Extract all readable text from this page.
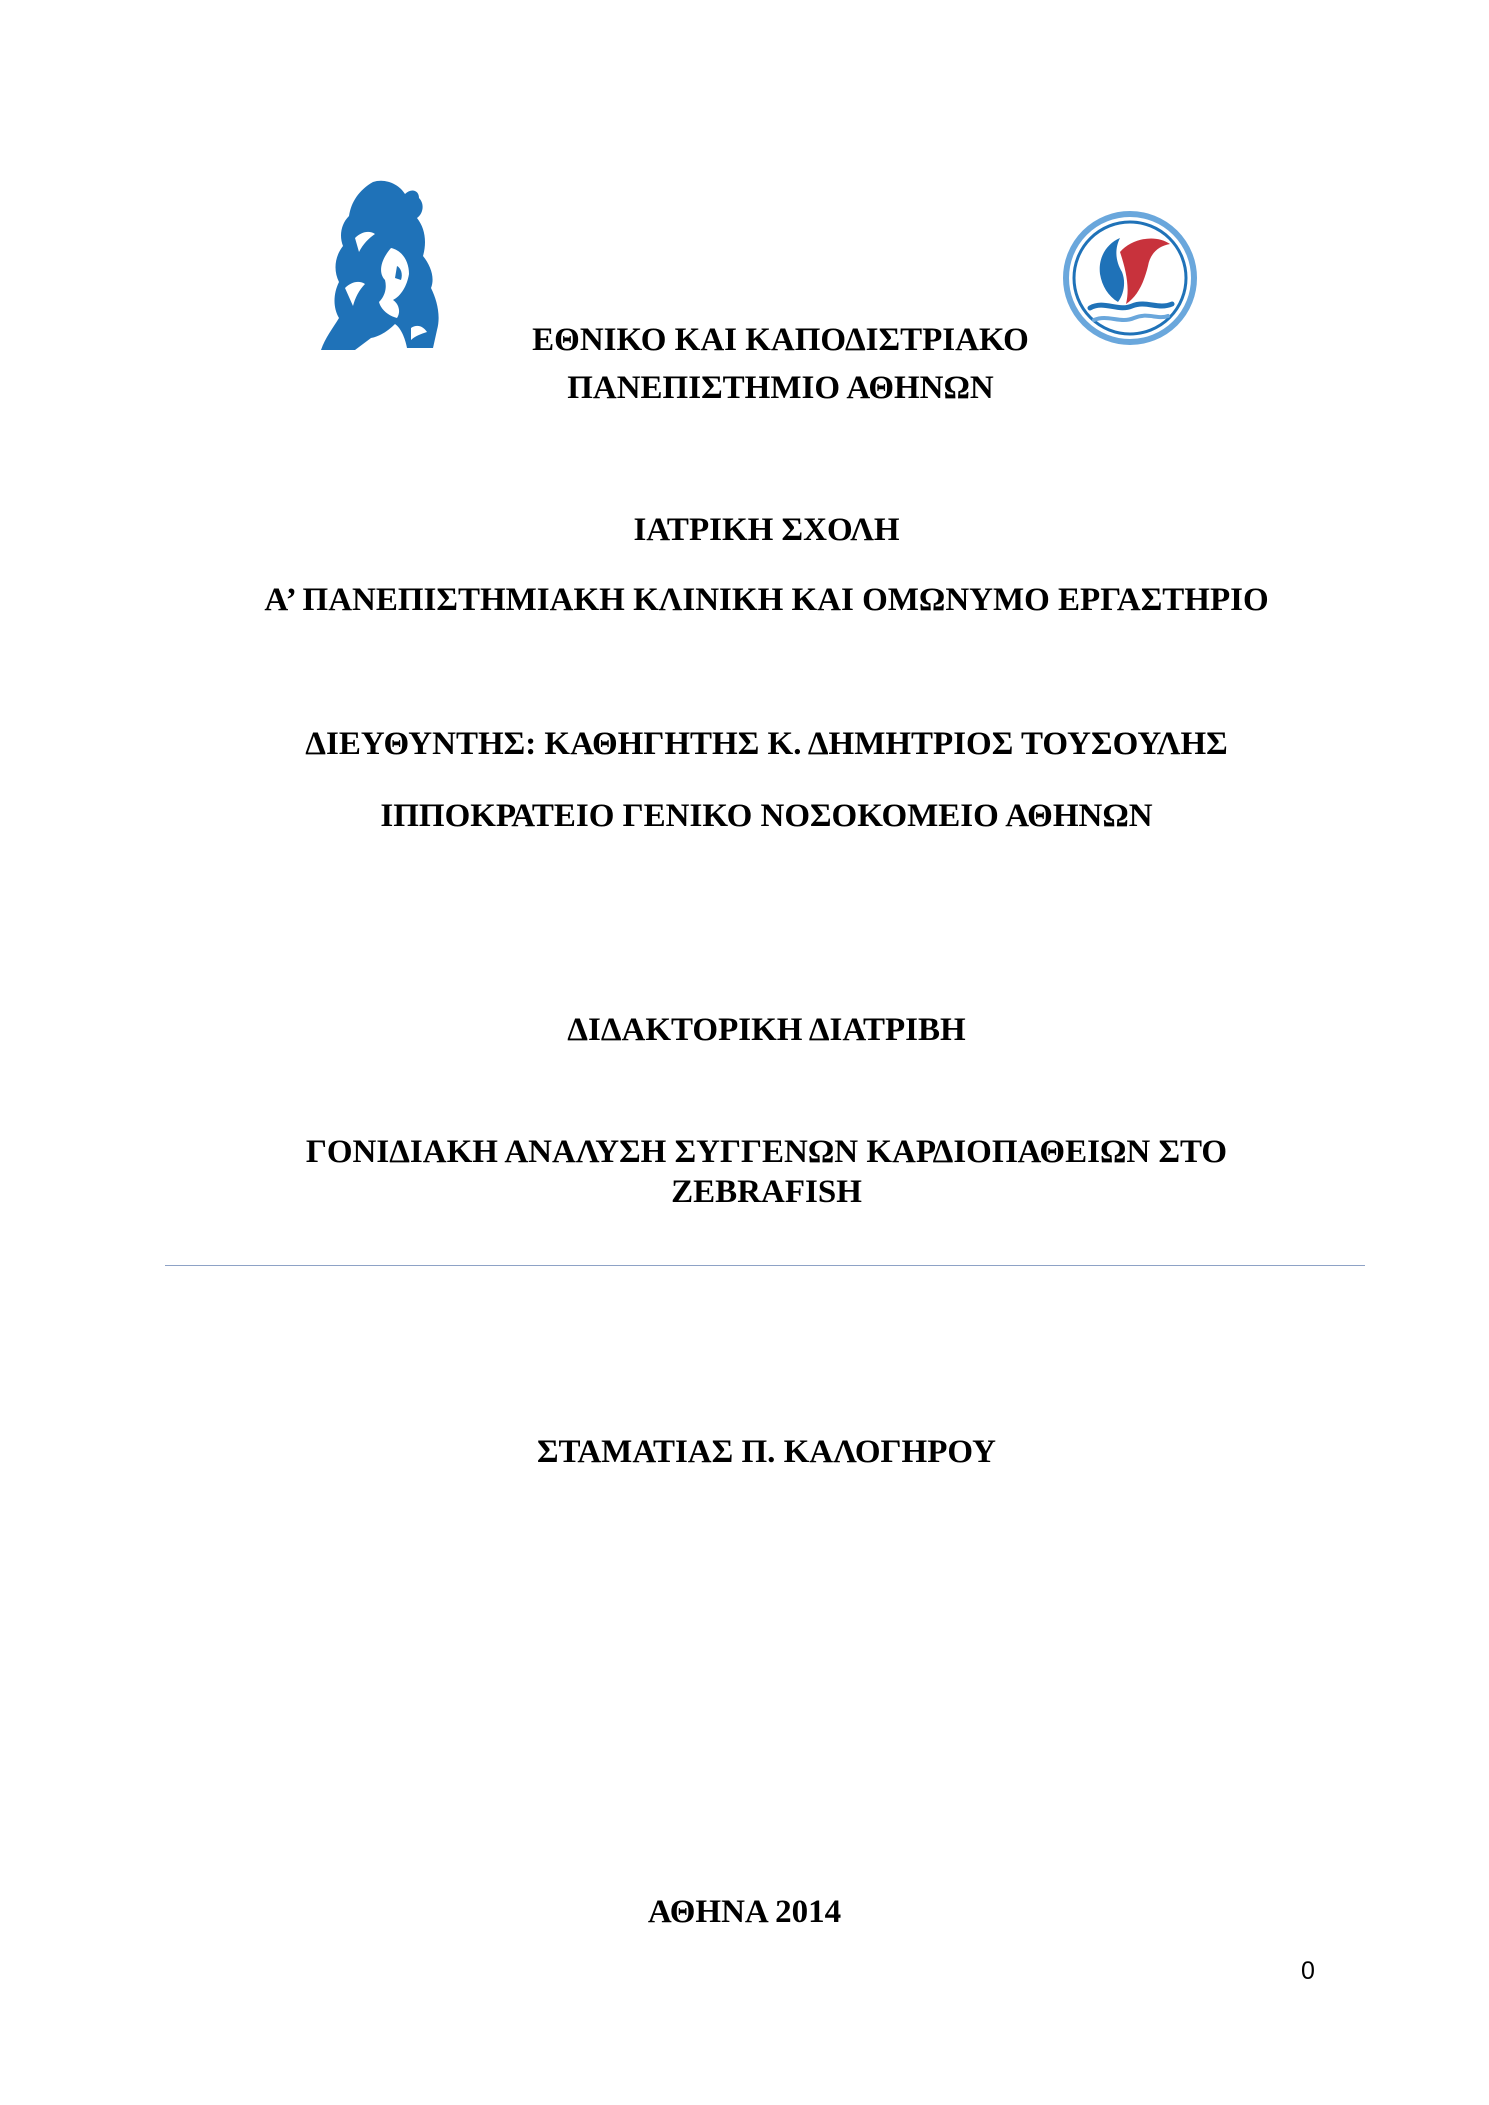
ΕΘΝΙΚΟ ΚΑΙ ΚΑΠΟΔΙΣΤΡΙΑΚΟ
ΠΑΝΕΠΙΣΤΗΜΙΟ ΑΘΗΝΩΝ
ΙΑΤΡΙΚΗ ΣΧΟΛΗ
Α’ ΠΑΝΕΠΙΣΤΗΜΙΑΚΗ ΚΛΙΝΙΚΗ ΚΑΙ ΟΜΩΝΥΜΟ ΕΡΓΑΣΤΗΡΙΟ
ΔΙΕΥΘΥΝΤΗΣ: ΚΑΘΗΓΗΤΗΣ Κ. ΔΗΜΗΤΡΙΟΣ ΤΟΥΣΟΥΛΗΣ
ΙΠΠΟΚΡΑΤΕΙΟ ΓΕΝΙΚΟ ΝΟΣΟΚΟΜΕΙΟ ΑΘΗΝΩΝ
ΔΙΔΑΚΤΟΡΙΚΗ ΔΙΑΤΡΙΒΗ
ΓΟΝΙΔΙΑΚΗ ΑΝΑΛΥΣΗ ΣΥΓΓΕΝΩΝ ΚΑΡΔΙΟΠΑΘΕΙΩΝ ΣΤΟ
ZEBRAFISH
ΣΤΑΜΑΤΙΑΣ Π. ΚΑΛΟΓΗΡΟΥ
ΑΘΗΝΑ 2014
0
